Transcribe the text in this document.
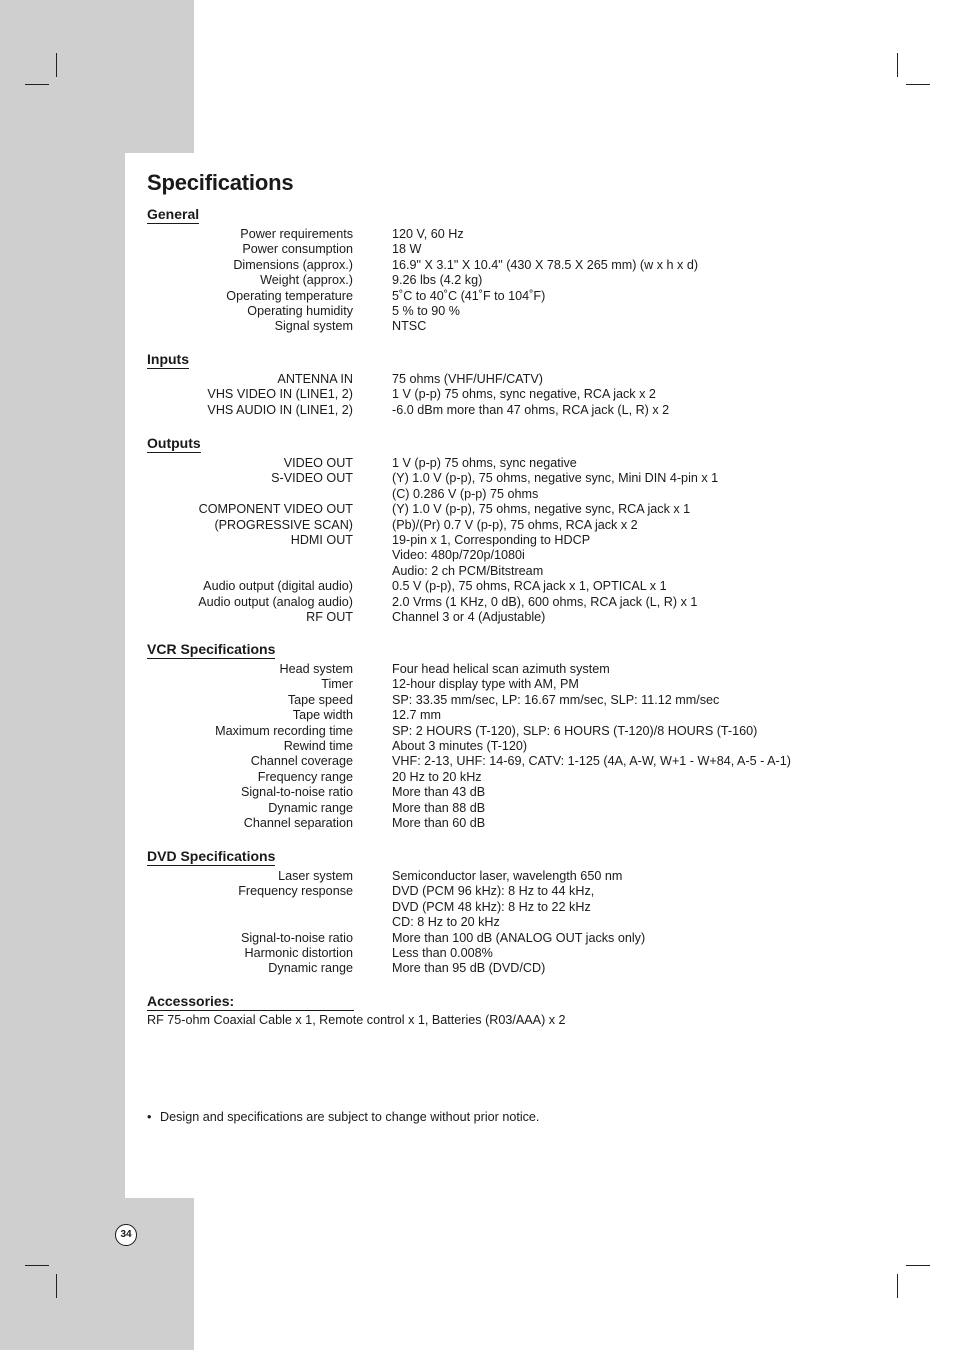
Specifications
General
Power requirements	120 V, 60 Hz
Power consumption	18 W
Dimensions (approx.)	16.9" X 3.1" X 10.4" (430 X 78.5 X 265 mm) (w x h x d)
Weight (approx.)	9.26 lbs (4.2 kg)
Operating temperature	5˚C to 40˚C (41˚F to 104˚F)
Operating humidity	5 % to 90 %
Signal system	NTSC
Inputs
ANTENNA IN	75 ohms (VHF/UHF/CATV)
VHS VIDEO IN (LINE1, 2)	1 V (p-p) 75 ohms, sync negative, RCA jack x 2
VHS AUDIO IN (LINE1, 2)	-6.0 dBm more than 47 ohms, RCA jack (L, R) x 2
Outputs
VIDEO OUT	1 V (p-p) 75 ohms, sync negative
S-VIDEO OUT	(Y) 1.0 V (p-p), 75 ohms, negative sync, Mini DIN 4-pin x 1
(C) 0.286 V (p-p) 75 ohms
COMPONENT VIDEO OUT	(Y) 1.0 V (p-p), 75 ohms, negative sync, RCA jack x 1
(PROGRESSIVE SCAN)	(Pb)/(Pr) 0.7 V (p-p), 75 ohms, RCA jack x 2
HDMI OUT	19-pin x 1, Corresponding to HDCP
Video: 480p/720p/1080i
Audio: 2 ch PCM/Bitstream
Audio output (digital audio)	0.5 V (p-p), 75 ohms, RCA jack x 1, OPTICAL x 1
Audio output (analog audio)	2.0 Vrms (1 KHz, 0 dB), 600 ohms, RCA jack (L, R) x 1
RF OUT	Channel 3 or 4 (Adjustable)
VCR Specifications
Head system	Four head helical scan azimuth system
Timer	12-hour display type with AM, PM
Tape speed	SP: 33.35 mm/sec, LP: 16.67 mm/sec, SLP: 11.12 mm/sec
Tape width	12.7 mm
Maximum recording time	SP: 2 HOURS (T-120), SLP: 6 HOURS (T-120)/8 HOURS (T-160)
Rewind time	About 3 minutes (T-120)
Channel coverage	VHF: 2-13, UHF: 14-69, CATV: 1-125 (4A, A-W, W+1 - W+84, A-5 - A-1)
Frequency range	20 Hz to 20 kHz
Signal-to-noise ratio	More than 43 dB
Dynamic range	More than 88 dB
Channel separation	More than 60 dB
DVD Specifications
Laser system	Semiconductor laser, wavelength 650 nm
Frequency response	DVD (PCM 96 kHz): 8 Hz to 44 kHz,
DVD (PCM 48 kHz): 8 Hz to 22 kHz
CD: 8 Hz to 20 kHz
Signal-to-noise ratio	More than 100 dB (ANALOG OUT jacks only)
Harmonic distortion	Less than 0.008%
Dynamic range	More than 95 dB (DVD/CD)
Accessories:
RF 75-ohm Coaxial Cable x 1, Remote control x 1, Batteries (R03/AAA) x 2
• Design and specifications are subject to change without prior notice.
34
